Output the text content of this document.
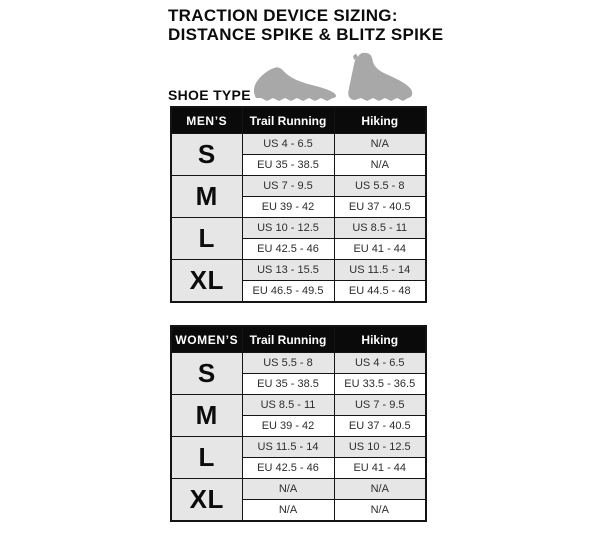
TRACTION DEVICE SIZING:
DISTANCE SPIKE & BLITZ SPIKE
SHOE TYPE
MEN’S	Trail Running	Hiking
S	US 4 - 6.5	N/A
	EU 35 - 38.5	N/A
M	US 7 - 9.5	US 5.5 - 8
	EU 39 - 42	EU 37 - 40.5
L	US 10 - 12.5	US 8.5 - 11
	EU 42.5 - 46	EU 41 - 44
XL	US 13 - 15.5	US 11.5 - 14
	EU 46.5 - 49.5	EU 44.5 - 48
WOMEN’S	Trail Running	Hiking
S	US 5.5 - 8	US 4 - 6.5
	EU 35 - 38.5	EU 33.5 - 36.5
M	US 8.5 - 11	US 7 - 9.5
	EU 39 - 42	EU 37 - 40.5
L	US 11.5 - 14	US 10 - 12.5
	EU 42.5 - 46	EU 41 - 44
XL	N/A	N/A
	N/A	N/A
